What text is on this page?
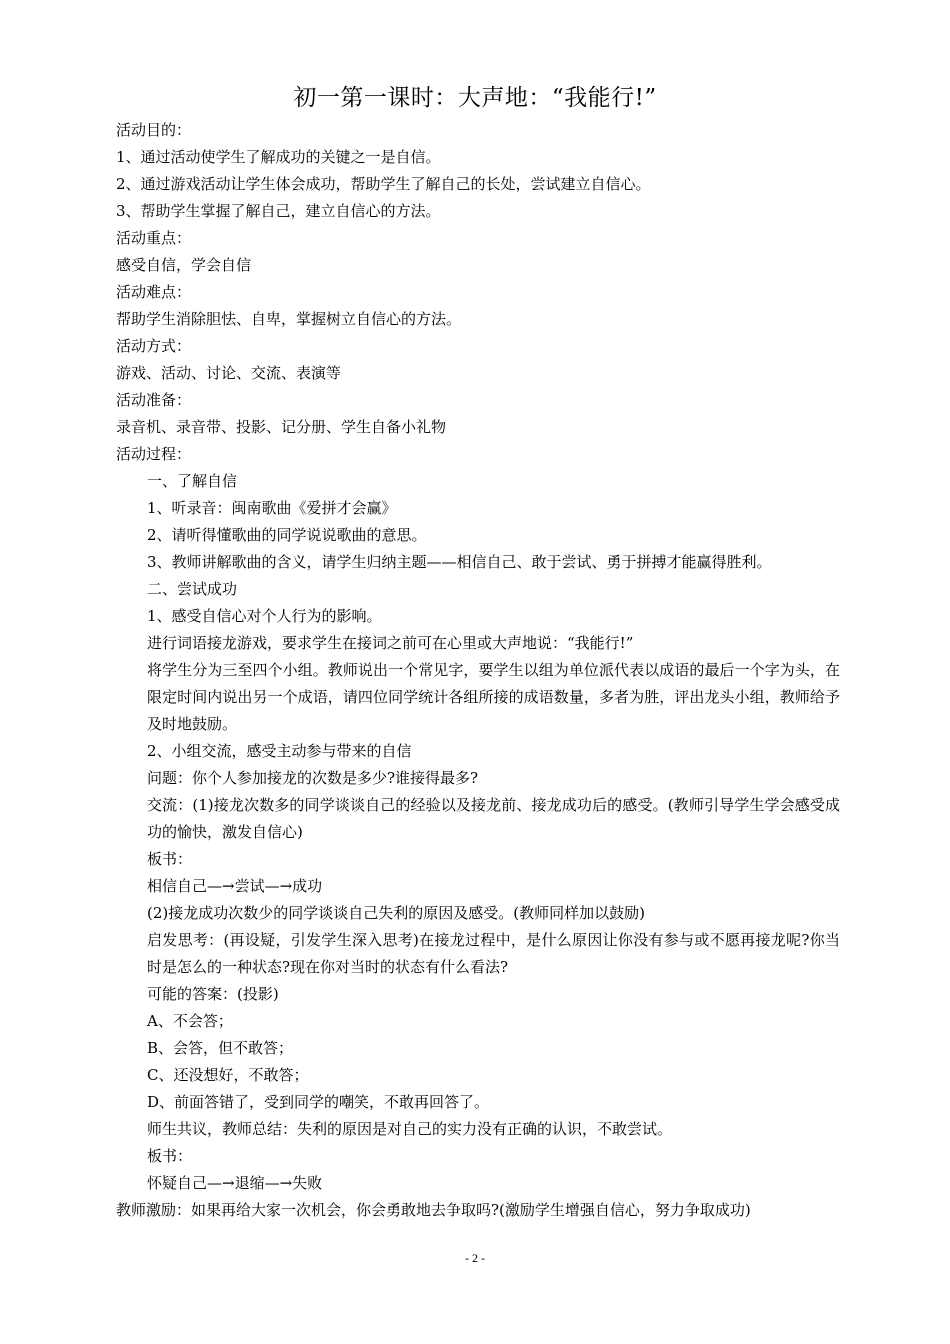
初一第一课时：大声地：“我能行!”

活动目的：

1、通过活动使学生了解成功的关键之一是自信。

2、通过游戏活动让学生体会成功，帮助学生了解自己的长处，尝试建立自信心。

3、帮助学生掌握了解自己，建立自信心的方法。

活动重点：

感受自信，学会自信

活动难点：

帮助学生消除胆怯、自卑，掌握树立自信心的方法。

活动方式：

游戏、活动、讨论、交流、表演等

活动准备：

录音机、录音带、投影、记分册、学生自备小礼物

活动过程：

一、了解自信

1、听录音：闽南歌曲《爱拼才会赢》

2、请听得懂歌曲的同学说说歌曲的意思。

3、教师讲解歌曲的含义，请学生归纳主题——相信自己、敢于尝试、勇于拼搏才能赢得胜利。

二、尝试成功

1、感受自信心对个人行为的影响。

进行词语接龙游戏，要求学生在接词之前可在心里或大声地说：“我能行!”

将学生分为三至四个小组。教师说出一个常见字，要学生以组为单位派代表以成语的最后一个字为头，在限定时间内说出另一个成语，请四位同学统计各组所接的成语数量，多者为胜，评出龙头小组，教师给予及时地鼓励。

2、小组交流，感受主动参与带来的自信

问题：你个人参加接龙的次数是多少?谁接得最多?

交流：(1)接龙次数多的同学谈谈自己的经验以及接龙前、接龙成功后的感受。(教师引导学生学会感受成功的愉快，激发自信心)

板书：

相信自己—→尝试—→成功

(2)接龙成功次数少的同学谈谈自己失利的原因及感受。(教师同样加以鼓励)

启发思考：(再设疑，引发学生深入思考)在接龙过程中，是什么原因让你没有参与或不愿再接龙呢?你当时是怎么的一种状态?现在你对当时的状态有什么看法?

可能的答案：(投影)

A、不会答；

B、会答，但不敢答；

C、还没想好，不敢答；

D、前面答错了，受到同学的嘲笑，不敢再回答了。

师生共议，教师总结：失利的原因是对自己的实力没有正确的认识，不敢尝试。

板书：

怀疑自己—→退缩—→失败

教师激励：如果再给大家一次机会，你会勇敢地去争取吗?(激励学生增强自信心，努力争取成功)

- 2 -
